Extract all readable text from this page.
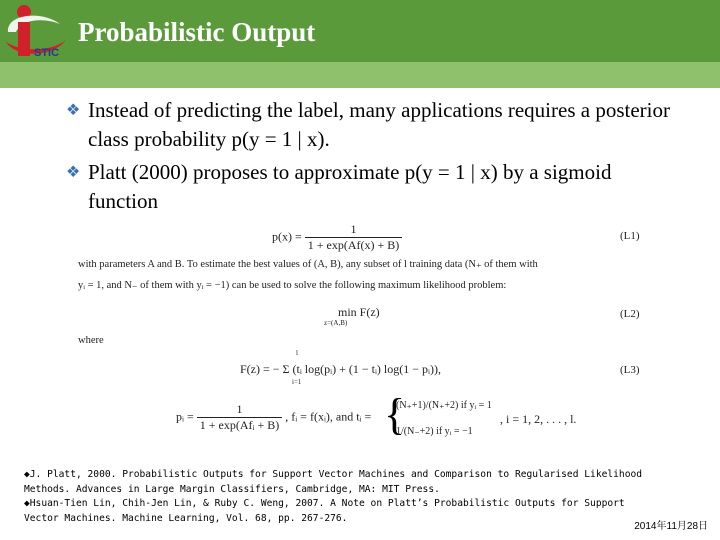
STIC
Probabilistic Output
❖ Instead of predicting the label, many applications requires a posterior class probability p(y = 1 | x).
❖ Platt (2000) proposes to approximate p(y = 1 | x) by a sigmoid function
$p(x) = \frac{1}{1 + \exp(Af(x) + B)}$	(L1)
with parameters A and B. To estimate the best values of (A, B), any subset of l training data (N₊ of them with
yᵢ = 1, and N₋ of them with yᵢ = −1) can be used to solve the following maximum likelihood problem:
min F(z)
z=(A,B)
(L2)
where
l
F(z) = − Σ (tᵢ log(pᵢ) + (1 − tᵢ) log(1 − pᵢ)),
i=1
(L3)
pᵢ = $\frac{1}{\text{1 + exp(Afᵢ + B)}}$ , fᵢ = f(xᵢ), and tᵢ = {
(N₊+1)/(N₊+2) if yᵢ = 1
1/(N₋+2) if yᵢ = −1
, i = 1, 2, . . . , l.
◆J. Platt, 2000. Probabilistic Outputs for Support Vector Machines and Comparison to Regularised Likelihood
Methods. Advances in Large Margin Classifiers, Cambridge, MA: MIT Press.
◆Hsuan-Tien Lin, Chih-Jen Lin, & Ruby C. Weng, 2007. A Note on Platt’s Probabilistic Outputs for Support
Vector Machines. Machine Learning, Vol. 68, pp. 267-276.
2014年11月28日
